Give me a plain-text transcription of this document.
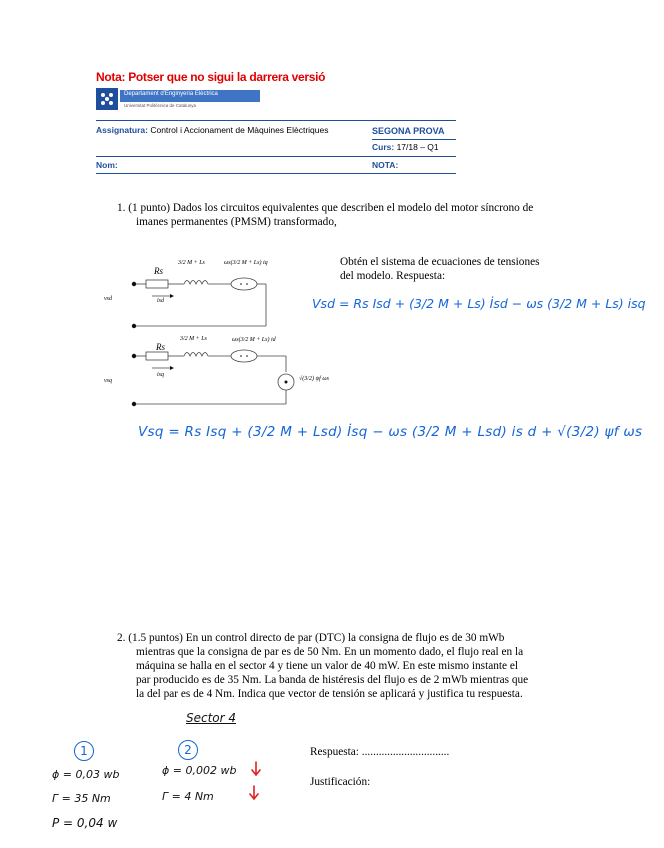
Nota: Potser que no sigui la darrera versió
Departament d'Enginyeria Elèctrica
Universitat Politècnica de Catalunya
Assignatura: Control i Accionament de Màquines Elèctriques	SEGONA PROVA
Curs: 17/18 – Q1
Nom:	NOTA:
1. (1 punto) Dados los circuitos equivalentes que describen el modelo del motor síncrono de
imanes permanentes (PMSM) transformado,
Obtén el sistema de ecuaciones de tensiones
del modelo. Respuesta:
Rs
3/2 M + Ls	ωs(3/2 M + Ls) iq
vsd	isd
Rs
3/2 M + Ls	ωs(3/2 M + Ls) id
√(3/2) ψf ωs
vsq
isq
Vsd = Rs Isd + (3/2 M + Ls) İsd − ωs (3/2 M + Ls) isq
Vsq = Rs Isq + (3/2 M + Lsd) İsq − ωs (3/2 M + Lsd) is d + √(3/2) ψf ωs
2. (1.5 puntos) En un control directo de par (DTC) la consigna de flujo es de 30 mWb
mientras que la consigna de par es de 50 Nm. En un momento dado, el flujo real en la
máquina se halla en el sector 4 y tiene un valor de 40 mW. En este mismo instante el
par producido es de 35 Nm. La banda de histéresis del flujo es de 2 mWb mientras que
la del par es de 4 Nm. Indica que vector de tensión se aplicará y justifica tu respuesta.
Sector 4
1	2
ϕ = 0,03 wb
Γ = 35 Nm
P = 0,04 w
ϕ = 0,002 wb
Γ = 4 Nm
Respuesta: ...............................
Justificación:
